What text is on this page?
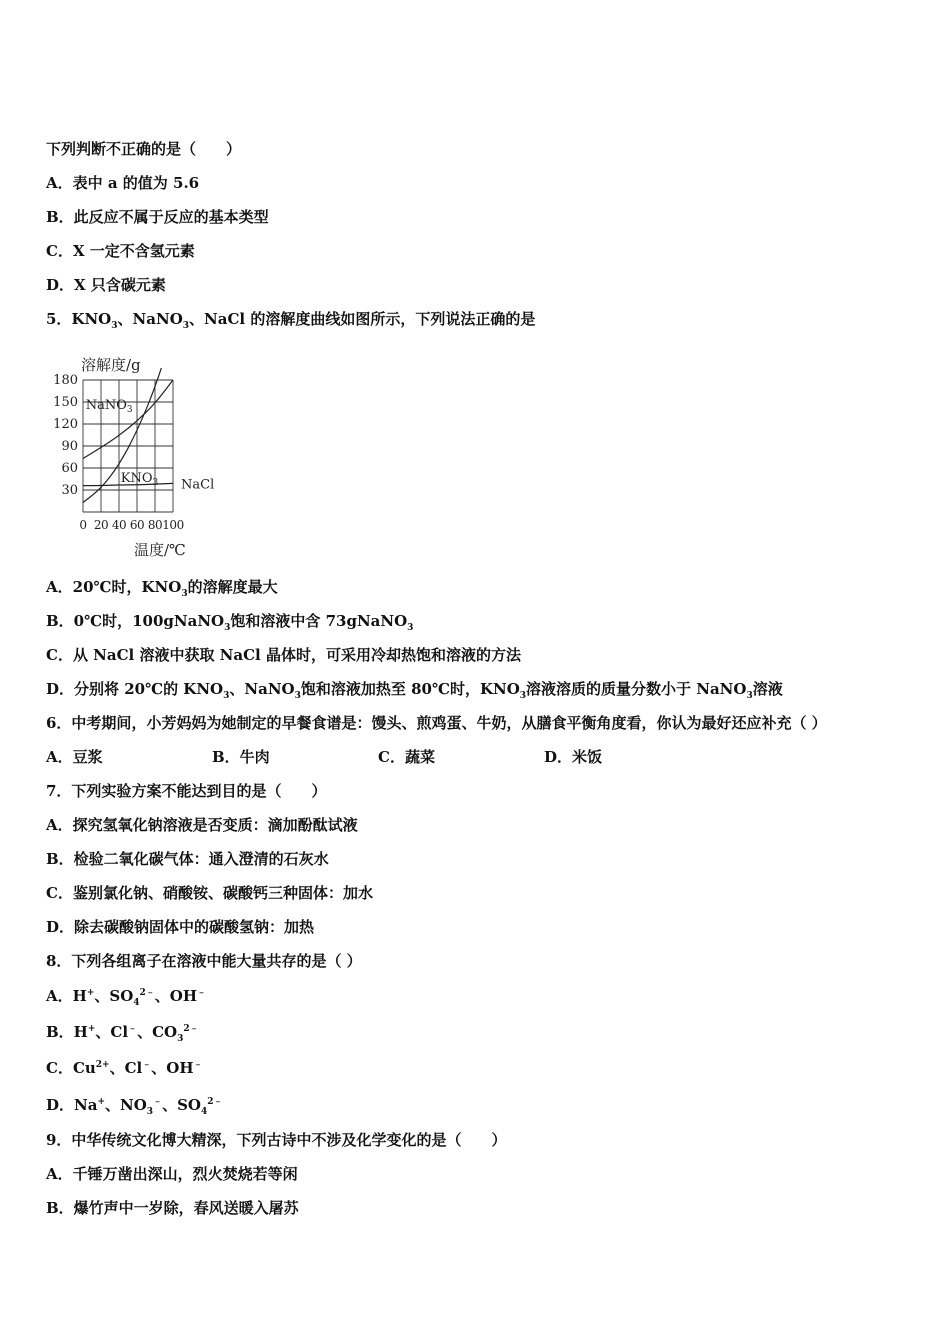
下列判断不正确的是（　　）
A．表中 a 的值为 5.6
B．此反应不属于反应的基本类型
C．X 一定不含氢元素
D．X 只含碳元素
5．$KNO_3$、NaNO$_3$、NaCl 的溶解度曲线如图所示，下列说法正确的是
溶解度/g
180
150
120
90
60
30
0 20 40 60 80 100
NaNO$_3$
$KNO_3$ NaCl
温度/℃
A．20℃时，$KNO_3$的溶解度最大
B．0℃时，100gNaNO$_3$饱和溶液中含 73gNaNO$_3$
C．从 NaCl 溶液中获取 NaCl 晶体时，可采用冷却热饱和溶液的方法
D．分别将 20℃的 $KNO_3$、NaNO$_3$饱和溶液加热至 80℃时，$KNO_3$溶液溶质的质量分数小于 NaNO$_3$溶液
6．中考期间，小芳妈妈为她制定的早餐食谱是：馒头、煎鸡蛋、牛奶，从膳食平衡角度看，你认为最好还应补充（ ）
A．豆浆	B．牛肉	C．蔬菜	D．米饭
7．下列实验方案不能达到目的是（　　）
A．探究氢氧化钠溶液是否变质：滴加酚酞试液
B．检验二氧化碳气体：通入澄清的石灰水
C．鉴别氯化钠、硝酸铵、碳酸钙三种固体：加水
D．除去碳酸钠固体中的碳酸氢钠：加热
8．下列各组离子在溶液中能大量共存的是（ ）
A．H+、$SO_4^{2﹣}$、OH﹣
B．H+、Cl﹣、$CO_3^{2﹣}$
C．$Cu^{2+}$、Cl﹣、OH﹣
D．Na+、$NO_3^﹣$、$SO_4^{2﹣}$
9．中华传统文化博大精深，下列古诗中不涉及化学变化的是（　　）
A．千锤万凿出深山，烈火焚烧若等闲
B．爆竹声中一岁除，春风送暖入屠苏
